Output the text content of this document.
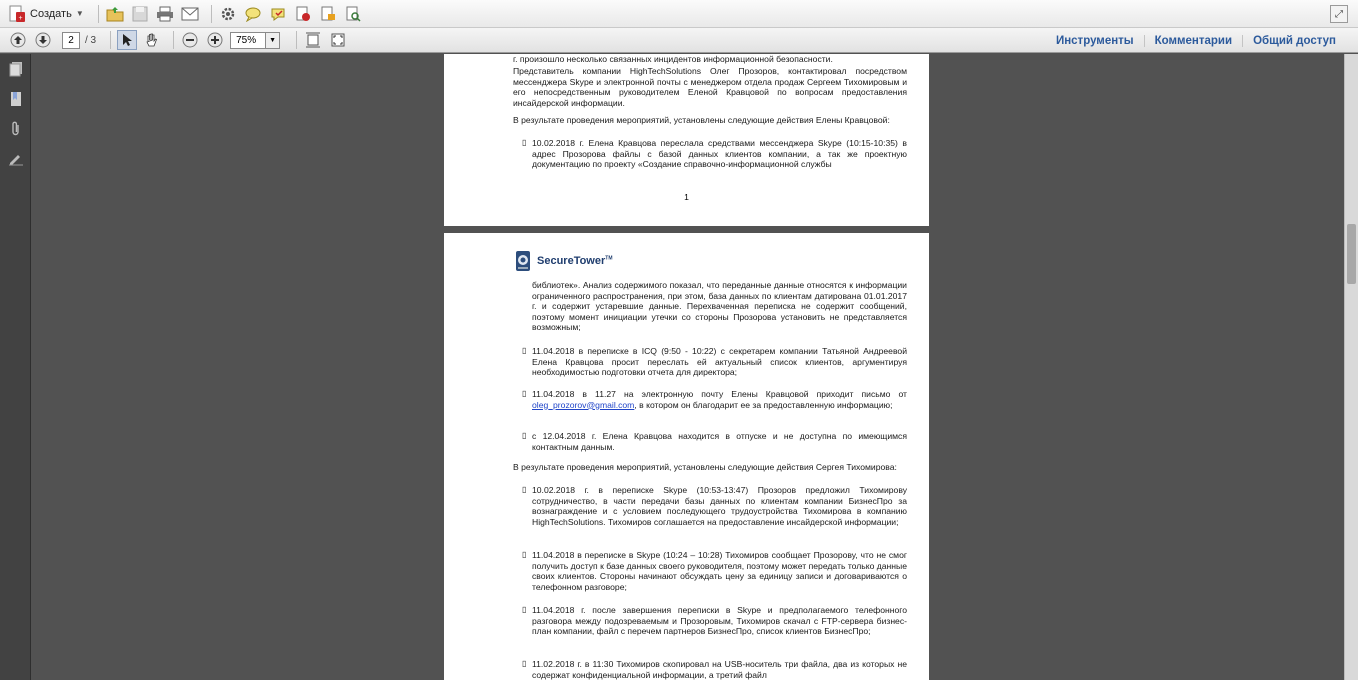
+ Создать ▼	⤢
2	/ 3	75%	▼	Инструменты	Комментарии	Общий доступ
г. произошло несколько связанных инцидентов информационной безопасности.
Представитель компании HighTechSolutions Олег Прозоров, контактировал посредством мессенджера Skype и электронной почты с менеджером отдела продаж Сергеем Тихомировым и его непосредственным руководителем Еленой Кравцовой по вопросам предоставления инсайдерской информации.
В результате проведения мероприятий, установлены следующие действия Елены Кравцовой:
▯ 10.02.2018 г. Елена Кравцова переслала средствами мессенджера Skype (10:15-10:35) в адрес Прозорова файлы с базой данных клиентов компании, а так же проектную документацию по проекту «Создание справочно-информационной службы
1
SecureTower™
библиотек». Анализ содержимого показал, что переданные данные относятся к информации ограниченного распространения, при этом, база данных по клиентам датирована 01.01.2017 г. и содержит устаревшие данные. Перехваченная переписка не содержит сообщений, поэтому момент инициации утечки со стороны Прозорова установить не представляется возможным;
▯ 11.04.2018 в переписке в ICQ (9:50 - 10:22) с секретарем компании Татьяной Андреевой Елена Кравцова просит переслать ей актуальный список клиентов, аргументируя необходимостью подготовки отчета для директора;
▯ 11.04.2018 в 11.27 на электронную почту Елены Кравцовой приходит письмо от oleg_prozorov@gmail.com, в котором он благодарит ее за предоставленную информацию;
▯ с 12.04.2018 г. Елена Кравцова находится в отпуске и не доступна по имеющимся контактным данным.
В результате проведения мероприятий, установлены следующие действия Сергея Тихомирова:
▯ 10.02.2018 г. в переписке Skype (10:53-13:47) Прозоров предложил Тихомирову сотрудничество, в части передачи базы данных по клиентам компании БизнесПро за вознаграждение и с условием последующего трудоустройства Тихомирова в компанию HighTechSolutions. Тихомиров соглашается на предоставление инсайдерской информации;
▯ 11.04.2018 в переписке в Skype (10:24 – 10:28) Тихомиров сообщает Прозорову, что не смог получить доступ к базе данных своего руководителя, поэтому может передать только данные своих клиентов. Стороны начинают обсуждать цену за единицу записи и договариваются о телефонном разговоре;
▯ 11.04.2018 г. после завершения переписки в Skype и предполагаемого телефонного разговора между подозреваемым и Прозоровым, Тихомиров скачал с FTP-сервера бизнес-план компании, файл с перечем партнеров БизнесПро, список клиентов БизнесПро;
▯ 11.02.2018 г. в 11:30 Тихомиров скопировал на USB-носитель три файла, два из которых не содержат конфиденциальной информации, а третий файл
